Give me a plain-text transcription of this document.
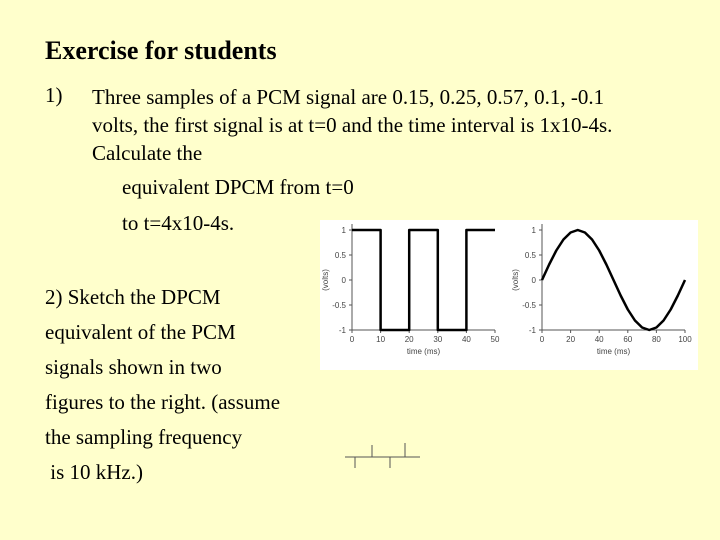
Exercise for students
1) Three samples of a PCM signal are 0.15, 0.25, 0.57, 0.1, -0.1
volts, the first signal is at t=0 and the time interval is 1x10-4s.
Calculate the
equivalent DPCM from t=0
to t=4x10-4s.
2) Sketch the DPCM
equivalent of the PCM
signals shown in two
figures to the right. (assume
the sampling frequency
is 10 kHz.)
1
0.5
0
-0.5
-1
0	10 20 30 40 50
time (ms)
(volts)
1
0.5
0
-0.5
-1
0	20 40 60 80 100
time (ms)
(volts)
